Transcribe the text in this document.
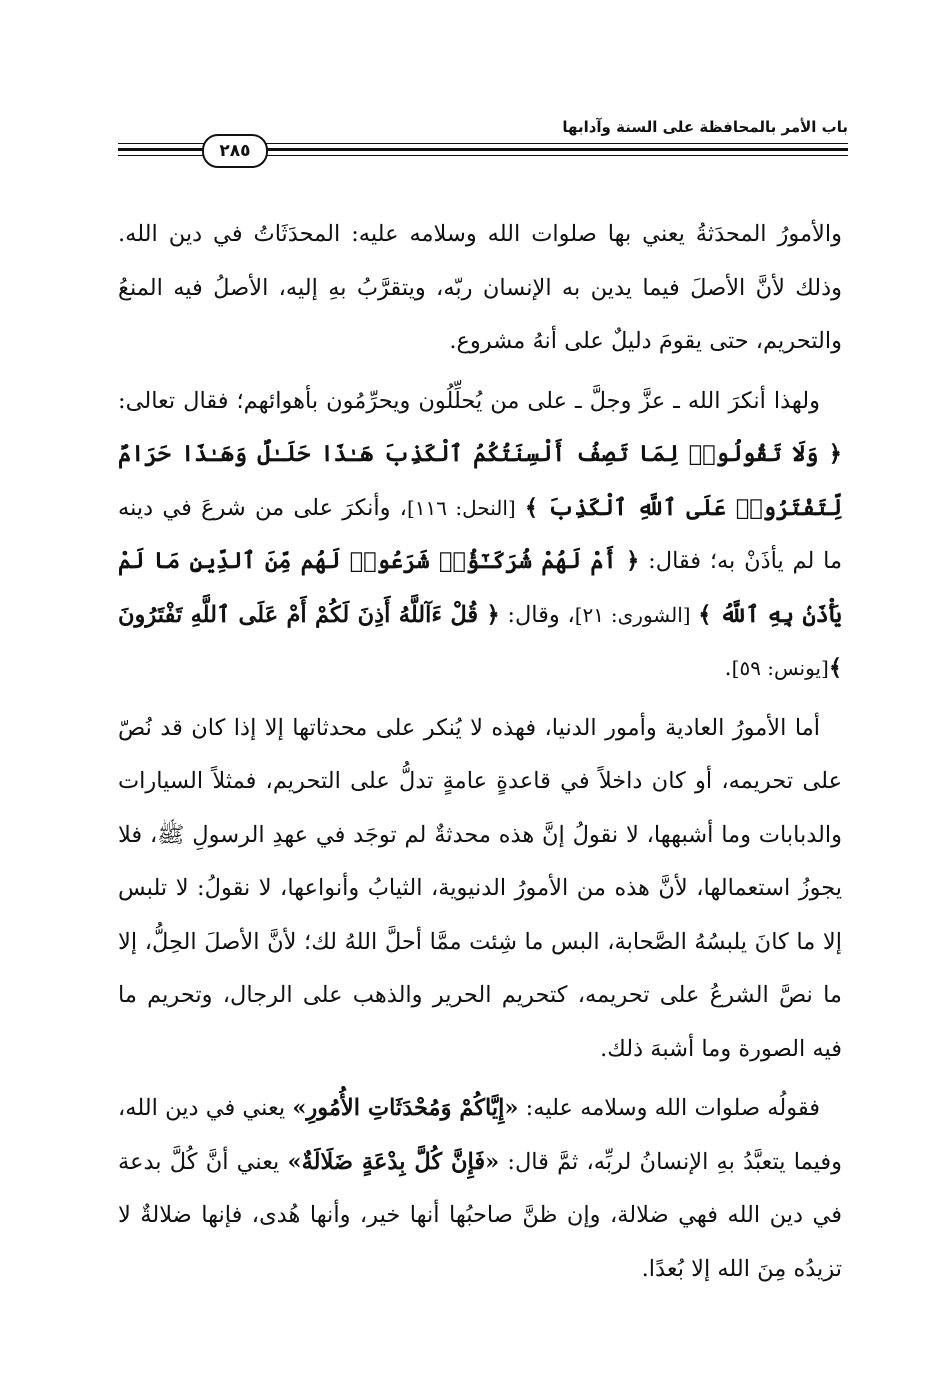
باب الأمر بالمحافظة على السنة وآدابها
٢٨٥

والأمورُ المحدَثةُ يعني بها صلوات الله وسلامه عليه: المحدَثَاتُ في دين الله. وذلك لأنَّ الأصلَ فيما يدين به الإنسان ربّه، ويتقرَّبُ بهِ إليه، الأصلُ فيه المنعُ والتحريم، حتى يقومَ دليلٌ على أنهُ مشروع.

ولهذا أنكرَ الله ـ عزَّ وجلَّ ـ على من يُحلِّلُون ويحرِّمُون بأهوائهم؛ فقال تعالى: ﴿ وَلَا تَقُولُوا۟ لِمَا تَصِفُ أَلْسِنَتُكُمُ ٱلْكَذِبَ هَـٰذَا حَلَـٰلٌ وَهَـٰذَا حَرَامٌ لِّتَفْتَرُوا۟ عَلَى ٱللَّهِ ٱلْكَذِبَ ﴾ [النحل: ١١٦]، وأنكرَ على من شرعَ في دينه ما لم يأذَنْ به؛ فقال: ﴿ أَمْ لَهُمْ شُرَكَـٰٓؤُا۟ شَرَعُوا۟ لَهُم مِّنَ ٱلدِّينِ مَا لَمْ يَأْذَنۢ بِهِ ٱللَّهُ ﴾ [الشورى: ٢١]، وقال: ﴿ قُلْ ءَآللَّهُ أَذِنَ لَكُمْ أَمْ عَلَى ٱللَّهِ تَفْتَرُونَ ﴾[يونس: ٥٩].

أما الأمورُ العادية وأمور الدنيا، فهذه لا يُنكر على محدثاتها إلا إذا كان قد نُصّ على تحريمه، أو كان داخلاً في قاعدةٍ عامةٍ تدلُّ على التحريم، فمثلاً السيارات والدبابات وما أشبهها، لا نقولُ إنَّ هذه محدثةٌ لم توجَد في عهدِ الرسولِ ﷺ، فلا يجوزُ استعمالها، لأنَّ هذه من الأمورُ الدنيوية، الثيابُ وأنواعها، لا نقولُ: لا تلبس إلا ما كانَ يلبسُهُ الصَّحابة، البس ما شِئت ممَّا أحلَّ اللهُ لك؛ لأنَّ الأصلَ الحِلُّ، إلا ما نصَّ الشرعُ على تحريمه، كتحريم الحرير والذهب على الرجال، وتحريم ما فيه الصورة وما أشبهَ ذلك.

فقولُه صلوات الله وسلامه عليه: «إِيَّاكُمْ وَمُحْدَثَاتِ الأُمُورِ» يعني في دين الله، وفيما يتعبَّدُ بهِ الإنسانُ لربِّه، ثمَّ قال: «فَإِنَّ كُلَّ بِدْعَةٍ ضَلَالَةٌ» يعني أنَّ كُلَّ بدعة في دين الله فهي ضلالة، وإن ظنَّ صاحبُها أنها خير، وأنها هُدى، فإنها ضلالةٌ لا تزيدُه مِنَ الله إلا بُعدًا.
